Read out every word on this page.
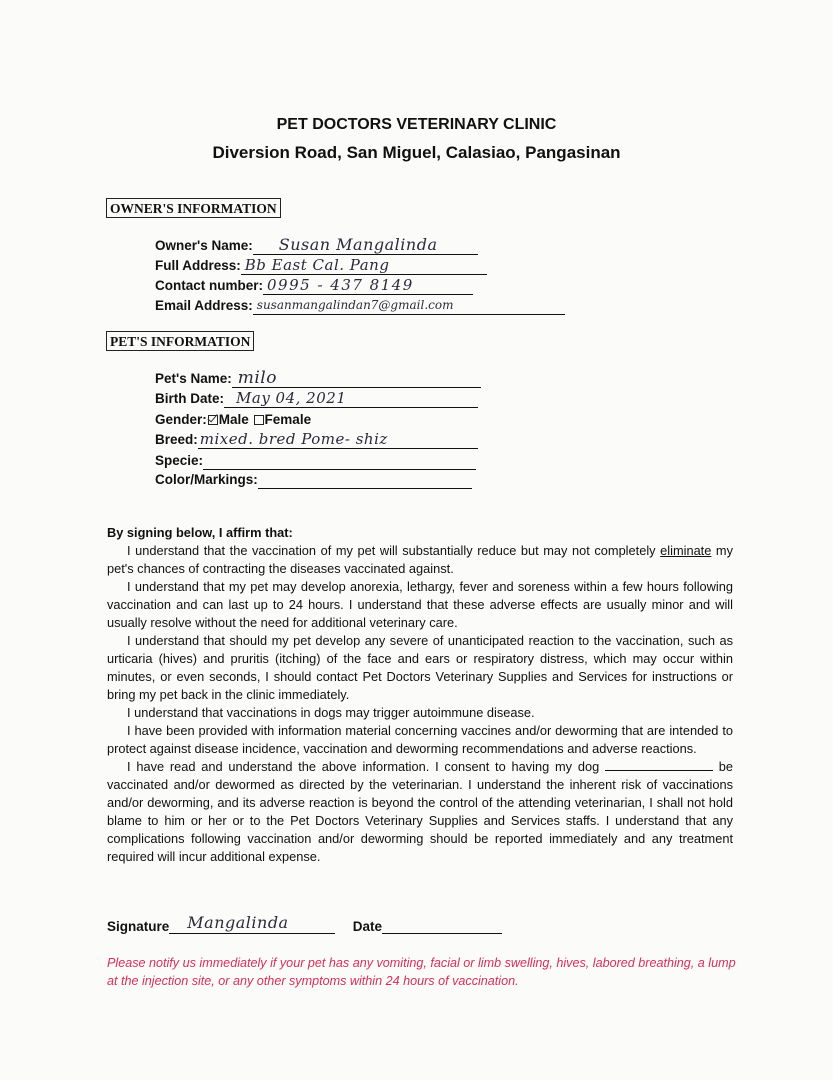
PET DOCTORS VETERINARY CLINIC
Diversion Road, San Miguel, Calasiao, Pangasinan
OWNER'S INFORMATION
Owner's Name: Susan Mangalinda
Full Address: Bb East Cal. Pang
Contact number: 0995 - 437 8149
Email Address: susanmangalindan7@gmail.com
PET'S INFORMATION
Pet's Name: milo
Birth Date: May 04, 2021
Gender: Male Female
Breed: mixed. bred Pome- shiz
Specie:
Color/Markings:

By signing below, I affirm that:

I understand that the vaccination of my pet will substantially reduce but may not completely eliminate my pet's chances of contracting the diseases vaccinated against.

I understand that my pet may develop anorexia, lethargy, fever and soreness within a few hours following vaccination and can last up to 24 hours. I understand that these adverse effects are usually minor and will usually resolve without the need for additional veterinary care.

I understand that should my pet develop any severe of unanticipated reaction to the vaccination, such as urticaria (hives) and pruritis (itching) of the face and ears or respiratory distress, which may occur within minutes, or even seconds, I should contact Pet Doctors Veterinary Supplies and Services for instructions or bring my pet back in the clinic immediately.

I understand that vaccinations in dogs may trigger autoimmune disease.

I have been provided with information material concerning vaccines and/or deworming that are intended to protect against disease incidence, vaccination and deworming recommendations and adverse reactions.

I have read and understand the above information. I consent to having my dog	be vaccinated and/or dewormed as directed by the veterinarian. I understand the inherent risk of vaccinations and/or deworming, and its adverse reaction is beyond the control of the attending veterinarian, I shall not hold blame to him or her or to the Pet Doctors Veterinary Supplies and Services staffs. I understand that any complications following vaccination and/or deworming should be reported immediately and any treatment required will incur additional expense.

Signature Mangalinda	Date
Please notify us immediately if your pet has any vomiting, facial or limb swelling, hives, labored breathing, a lump at the injection site, or any other symptoms within 24 hours of vaccination.
